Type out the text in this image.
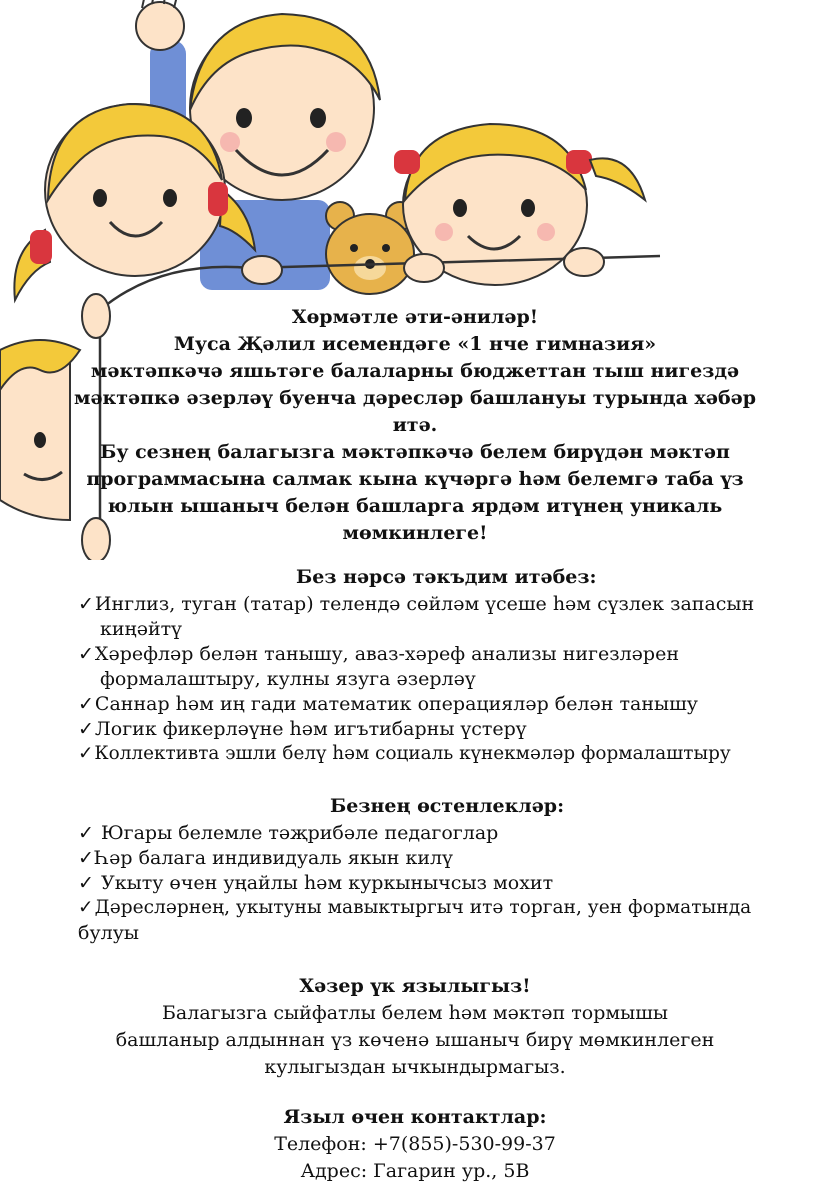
Хөрмәтле әти-әниләр!
Муса Җәлил исемендәге «1 нче гимназия»
мәктәпкәчә яшьтәге балаларны бюджеттан тыш нигездә
мәктәпкә әзерләү буенча дәресләр башлануы турында хәбәр
итә.
Бу сезнең балагызга мәктәпкәчә белем бирүдән мәктәп
программасына салмак кына күчәргә һәм белемгә таба үз
юлын ышаныч белән башларга ярдәм итүнең уникаль
мөмкинлеге!
Без нәрсә тәкъдим итәбез:
✓Инглиз, туган (татар) телендә сөйләм үсеше һәм сүзлек запасын
киңәйтү
✓Хәрефләр белән танышу, аваз-хәреф анализы нигезләрен
формалаштыру, кулны язуга әзерләү
✓Саннар һәм иң гади математик операцияләр белән танышу
✓Логик фикерләүне һәм игътибарны үстерү
✓Коллективта эшли белү һәм социаль күнекмәләр формалаштыру
Безнең өстенлекләр:
✓ Югары белемле тәҗрибәле педагоглар
✓Һәр балага индивидуаль якын килү
✓ Укыту өчен уңайлы һәм куркынычсыз мохит
✓Дәресләрнең, укытуны мавыктыргыч итә торган, уен форматында
булуы
Хәзер үк язылыгыз!
Балагызга сыйфатлы белем һәм мәктәп тормышы
башланыр алдыннан үз көченә ышаныч бирү мөмкинлеген
кулыгыздан ычкындырмагыз.
Языл өчен контактлар:
Телефон: +7(855)-530-99-37
Адрес: Гагарин ур., 5В
